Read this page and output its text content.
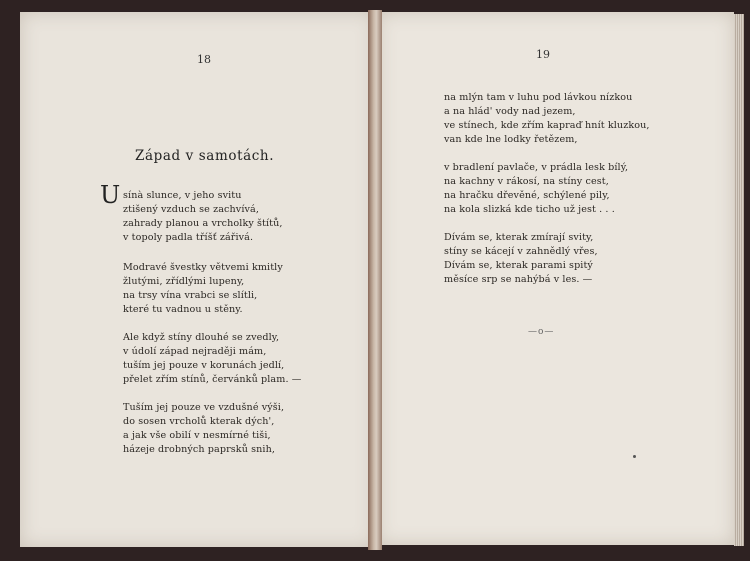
18	19
Západ v samotách.
U sínà slunce, v jeho svitu
ztišený vzduch se zachvívá,
zahrady planou a vrcholky štítů,
v topoly padla tříšť zářivá.
Modravé švestky větvemi kmitly
žlutými, zřídlými lupeny,
na trsy vína vrabci se slítli,
které tu vadnou u stěny.
Ale když stíny dlouhé se zvedly,
v údolí západ nejraději mám,
tuším jej pouze v korunách jedlí,
přelet zřím stínů, červánků plam. —
Tuším jej pouze ve vzdušné výši,
do sosen vrcholů kterak dých',
a jak vše obilí v nesmírné tiši,
házeje drobných paprsků snih,
na mlýn tam v luhu pod lávkou nízkou
a na hlád' vody nad jezem,
ve stínech, kde zřím kapraď hnít kluzkou,
van kde lne lodky řetězem,
v bradlení pavlače, v prádla lesk bílý,
na kachny v rákosí, na stíny cest,
na hračku dřevěné, schýlené pily,
na kola slizká kde ticho už jest . . .
Dívám se, kterak zmírají svity,
stíny se kácejí v zahnědlý vřes,
Dívám se, kterak parami spitý
měsíce srp se nahýbá v les. —
—o—
